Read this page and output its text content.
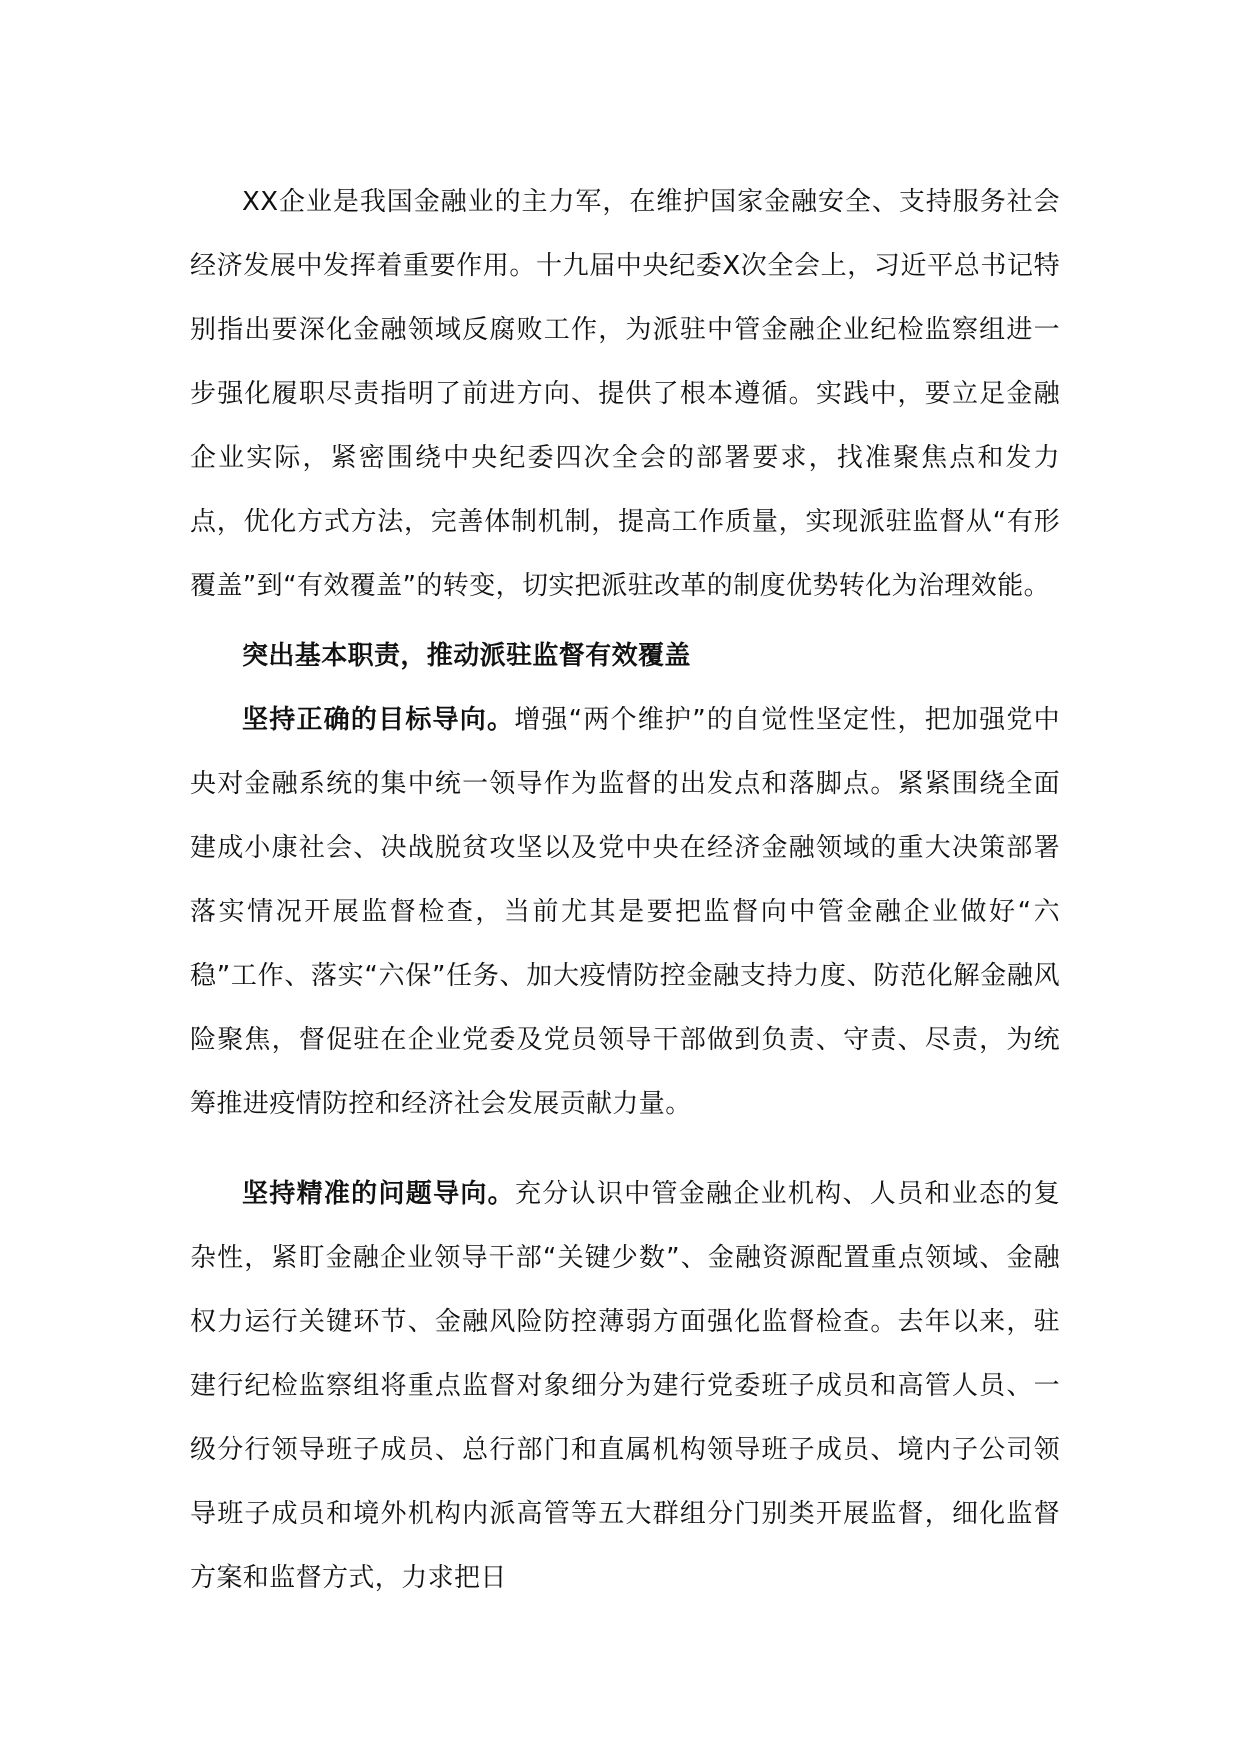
XX企业是我国金融业的主力军，在维护国家金融安全、支持服务社会经济发展中发挥着重要作用。十九届中央纪委X次全会上，习近平总书记特别指出要深化金融领域反腐败工作，为派驻中管金融企业纪检监察组进一步强化履职尽责指明了前进方向、提供了根本遵循。实践中，要立足金融企业实际，紧密围绕中央纪委四次全会的部署要求，找准聚焦点和发力点，优化方式方法，完善体制机制，提高工作质量，实现派驻监督从“有形覆盖”到“有效覆盖”的转变，切实把派驻改革的制度优势转化为治理效能。

突出基本职责，推动派驻监督有效覆盖

坚持正确的目标导向。增强“两个维护”的自觉性坚定性，把加强党中央对金融系统的集中统一领导作为监督的出发点和落脚点。紧紧围绕全面建成小康社会、决战脱贫攻坚以及党中央在经济金融领域的重大决策部署落实情况开展监督检查，当前尤其是要把监督向中管金融企业做好“六稳”工作、落实“六保”任务、加大疫情防控金融支持力度、防范化解金融风险聚焦，督促驻在企业党委及党员领导干部做到负责、守责、尽责，为统筹推进疫情防控和经济社会发展贡献力量。

坚持精准的问题导向。充分认识中管金融企业机构、人员和业态的复杂性，紧盯金融企业领导干部“关键少数”、金融资源配置重点领域、金融权力运行关键环节、金融风险防控薄弱方面强化监督检查。去年以来，驻建行纪检监察组将重点监督对象细分为建行党委班子成员和高管人员、一级分行领导班子成员、总行部门和直属机构领导班子成员、境内子公司领导班子成员和境外机构内派高管等五大群组分门别类开展监督，细化监督方案和监督方式，力求把日
